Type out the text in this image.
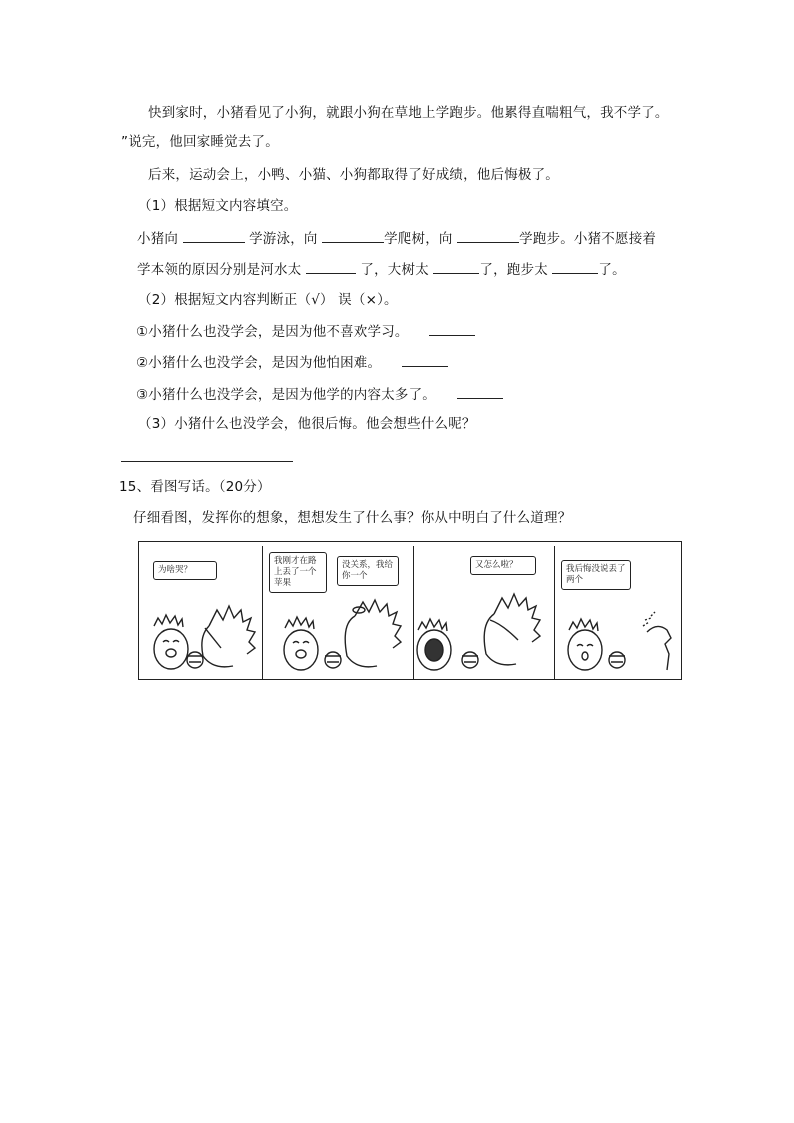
快到家时，小猪看见了小狗，就跟小狗在草地上学跑步。他累得直喘粗气，我不学了。
”说完，他回家睡觉去了。
后来，运动会上，小鸭、小猫、小狗都取得了好成绩，他后悔极了。
（1）根据短文内容填空。
小猪向	学游泳，向	学爬树，向	学跑步。小猪不愿接着
学本领的原因分别是河水太	了，大树太	了，跑步太	了。
（2）根据短文内容判断正（√） 误（×）。
①小猪什么也没学会，是因为他不喜欢学习。
②小猪什么也没学会，是因为他怕困难。
③小猪什么也没学会，是因为他学的内容太多了。
（3）小猪什么也没学会，他很后悔。他会想些什么呢？
15、看图写话。（20分）
仔细看图，发挥你的想象，想想发生了什么事？你从中明白了什么道理？
为啥哭？
我刚才在路上丢了一个苹果
没关系，我给你一个
又怎么啦？	我后悔没说丢了两个
